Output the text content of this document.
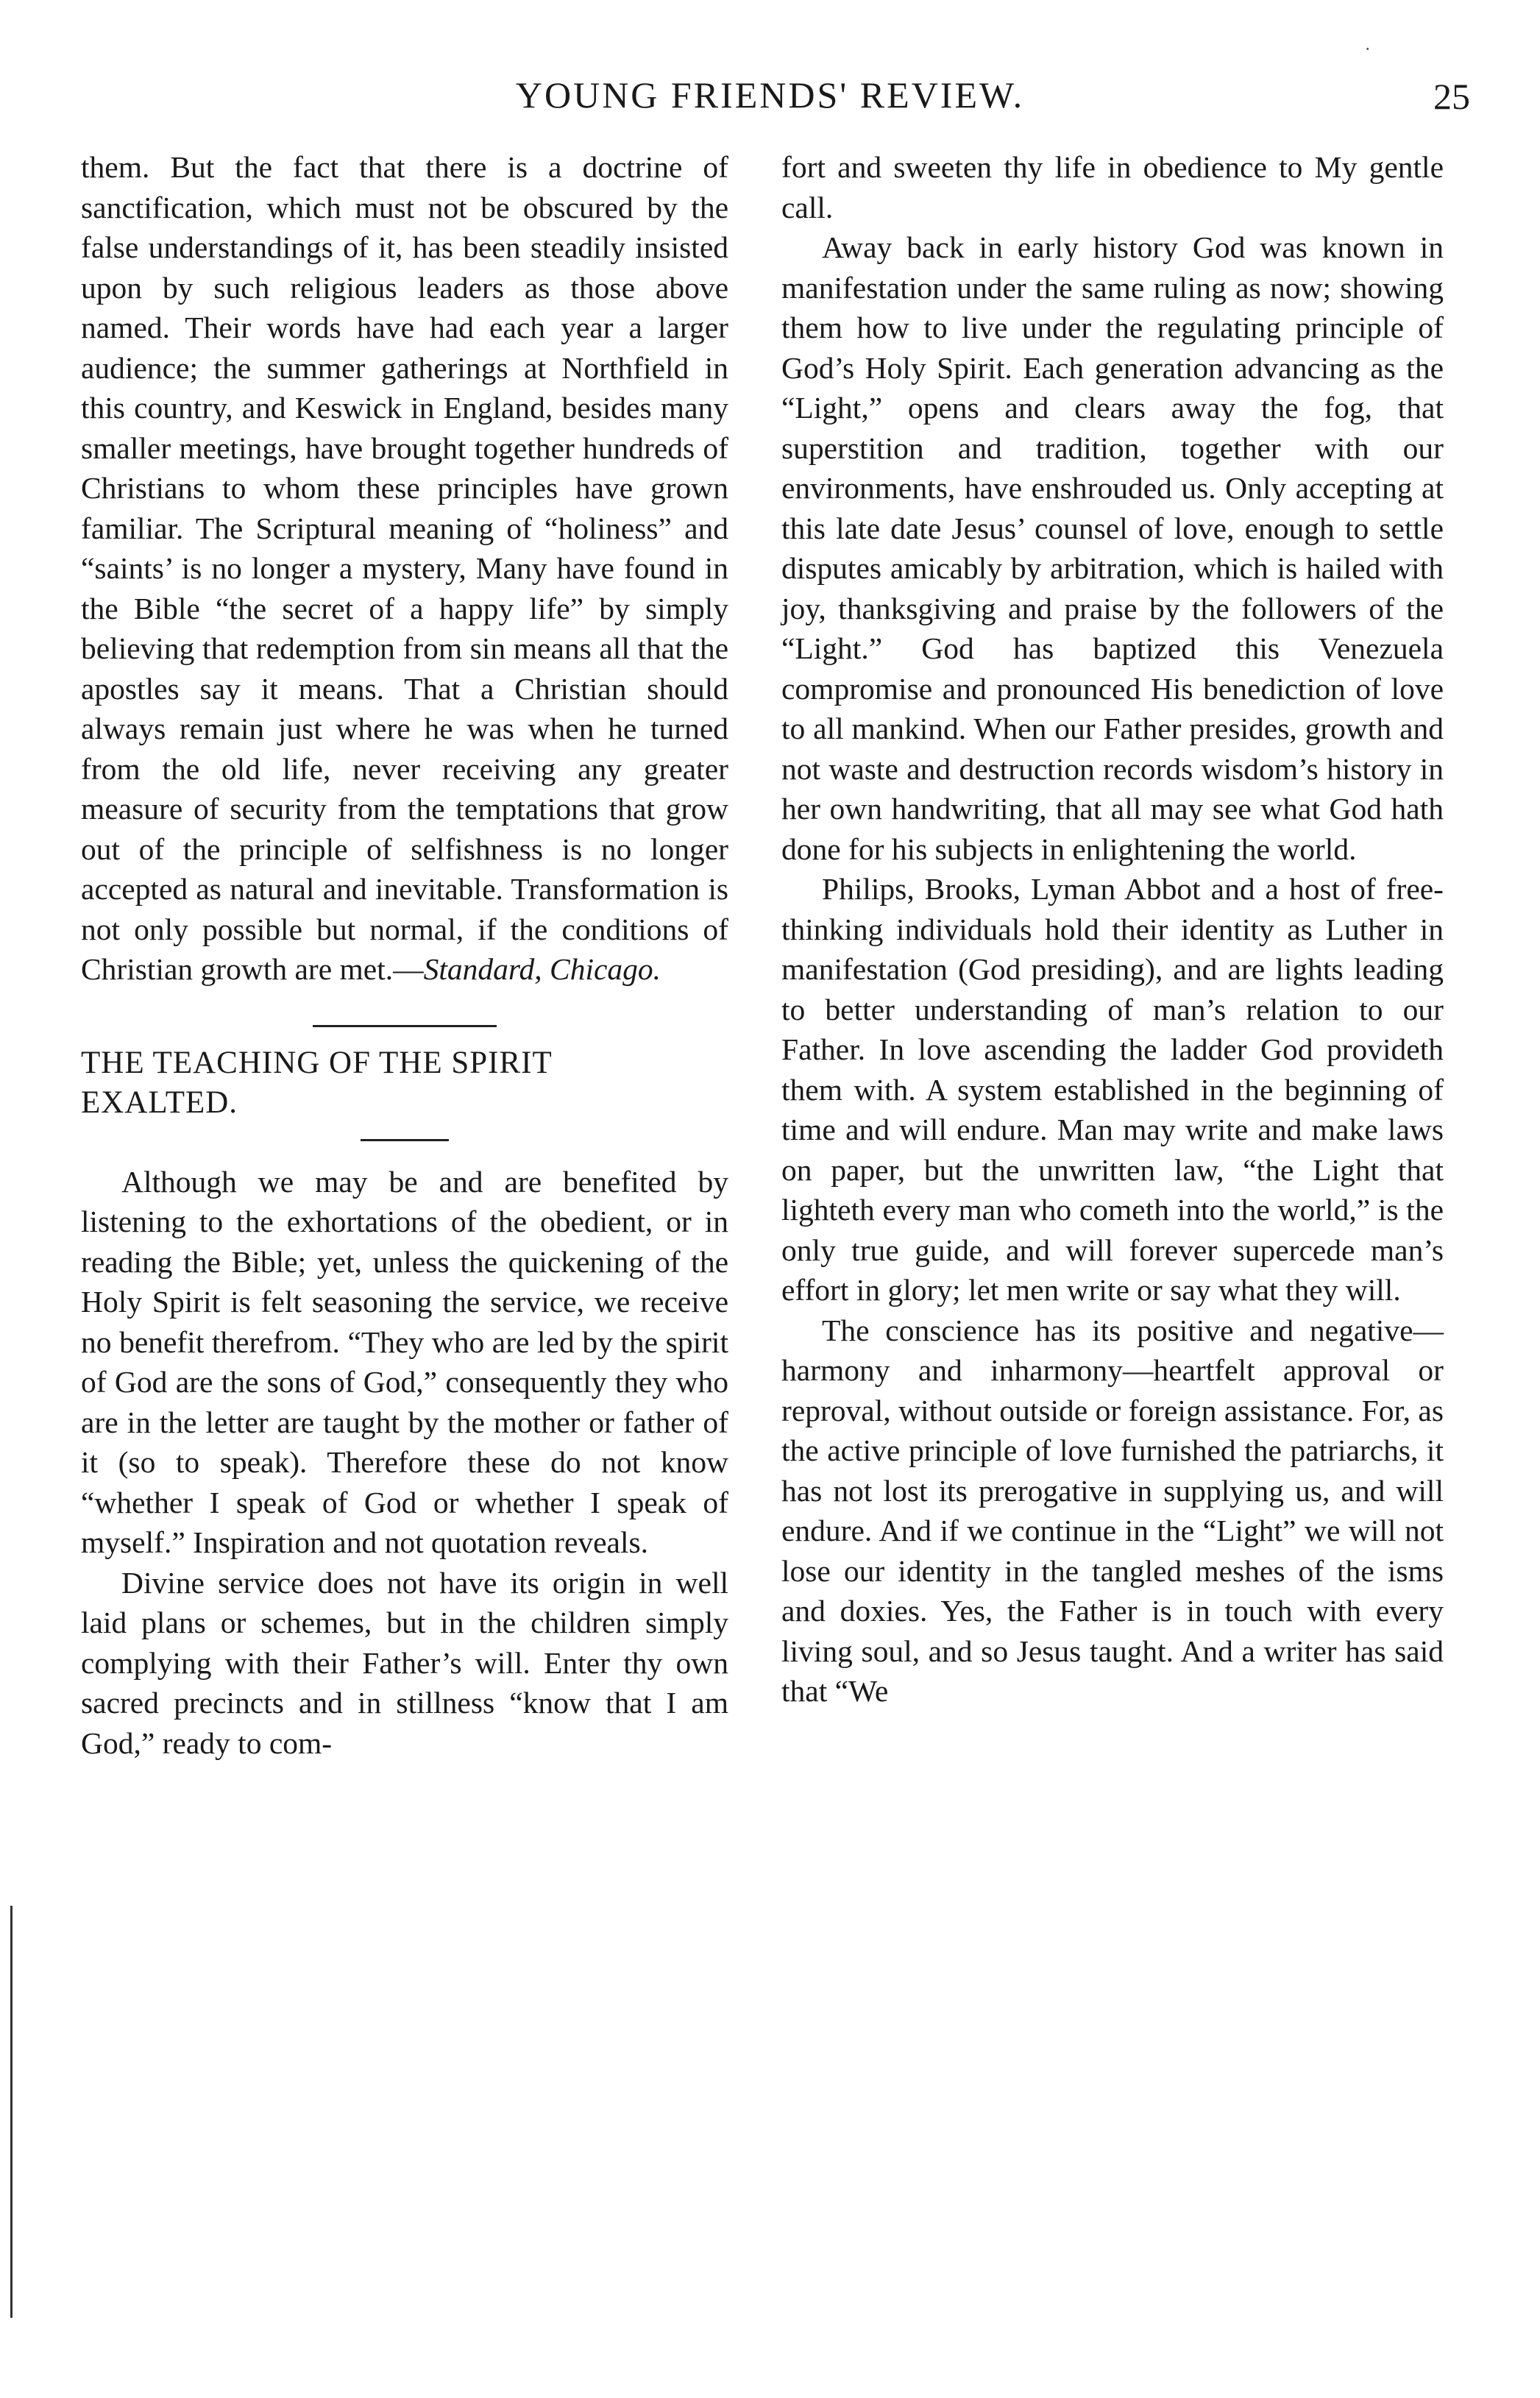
YOUNG FRIENDS' REVIEW.	25

them. But the fact that there is a doctrine of sanctification, which must not be obscured by the false understandings of it, has been steadily insisted upon by such religious leaders as those above named. Their words have had each year a larger audience; the summer gatherings at Northfield in this country, and Keswick in England, besides many smaller meetings, have brought together hundreds of Christians to whom these principles have grown familiar. The Scriptural meaning of “holiness” and “saints’ is no longer a mystery, Many have found in the Bible “the secret of a happy life” by simply believing that redemption from sin means all that the apostles say it means. That a Christian should always remain just where he was when he turned from the old life, never receiving any greater measure of security from the temptations that grow out of the principle of selfishness is no longer accepted as natural and inevitable. Transformation is not only possible but normal, if the conditions of Christian growth are met.—Standard, Chicago.

THE TEACHING OF THE SPIRIT

EXALTED.

Although we may be and are benefited by listening to the exhortations of the obedient, or in reading the Bible; yet, unless the quickening of the Holy Spirit is felt seasoning the service, we receive no benefit therefrom. “They who are led by the spirit of God are the sons of God,” consequently they who are in the letter are taught by the mother or father of it (so to speak). Therefore these do not know “whether I speak of God or whether I speak of myself.” Inspiration and not quotation reveals.

Divine service does not have its origin in well laid plans or schemes, but in the children simply complying with their Father’s will. Enter thy own sacred precincts and in stillness “know that I am God,” ready to com-

fort and sweeten thy life in obedience to My gentle call.

Away back in early history God was known in manifestation under the same ruling as now; showing them how to live under the regulating principle of God’s Holy Spirit. Each generation advancing as the “Light,” opens and clears away the fog, that superstition and tradition, together with our environments, have enshrouded us. Only accepting at this late date Jesus’ counsel of love, enough to settle disputes amicably by arbitration, which is hailed with joy, thanksgiving and praise by the followers of the “Light.” God has baptized this Venezuela compromise and pronounced His benediction of love to all mankind. When our Father presides, growth and not waste and destruction records wisdom’s history in her own handwriting, that all may see what God hath done for his subjects in enlightening the world.

Philips, Brooks, Lyman Abbot and a host of free-thinking individuals hold their identity as Luther in manifestation (God presiding), and are lights leading to better understanding of man’s relation to our Father. In love ascending the ladder God provideth them with. A system established in the beginning of time and will endure. Man may write and make laws on paper, but the unwritten law, “the Light that lighteth every man who cometh into the world,” is the only true guide, and will forever supercede man’s effort in glory; let men write or say what they will.

The conscience has its positive and negative—harmony and inharmony—heartfelt approval or reproval, without outside or foreign assistance. For, as the active principle of love furnished the patriarchs, it has not lost its prerogative in supplying us, and will endure. And if we continue in the “Light” we will not lose our identity in the tangled meshes of the isms and doxies. Yes, the Father is in touch with every living soul, and so Jesus taught. And a writer has said that “We

·
